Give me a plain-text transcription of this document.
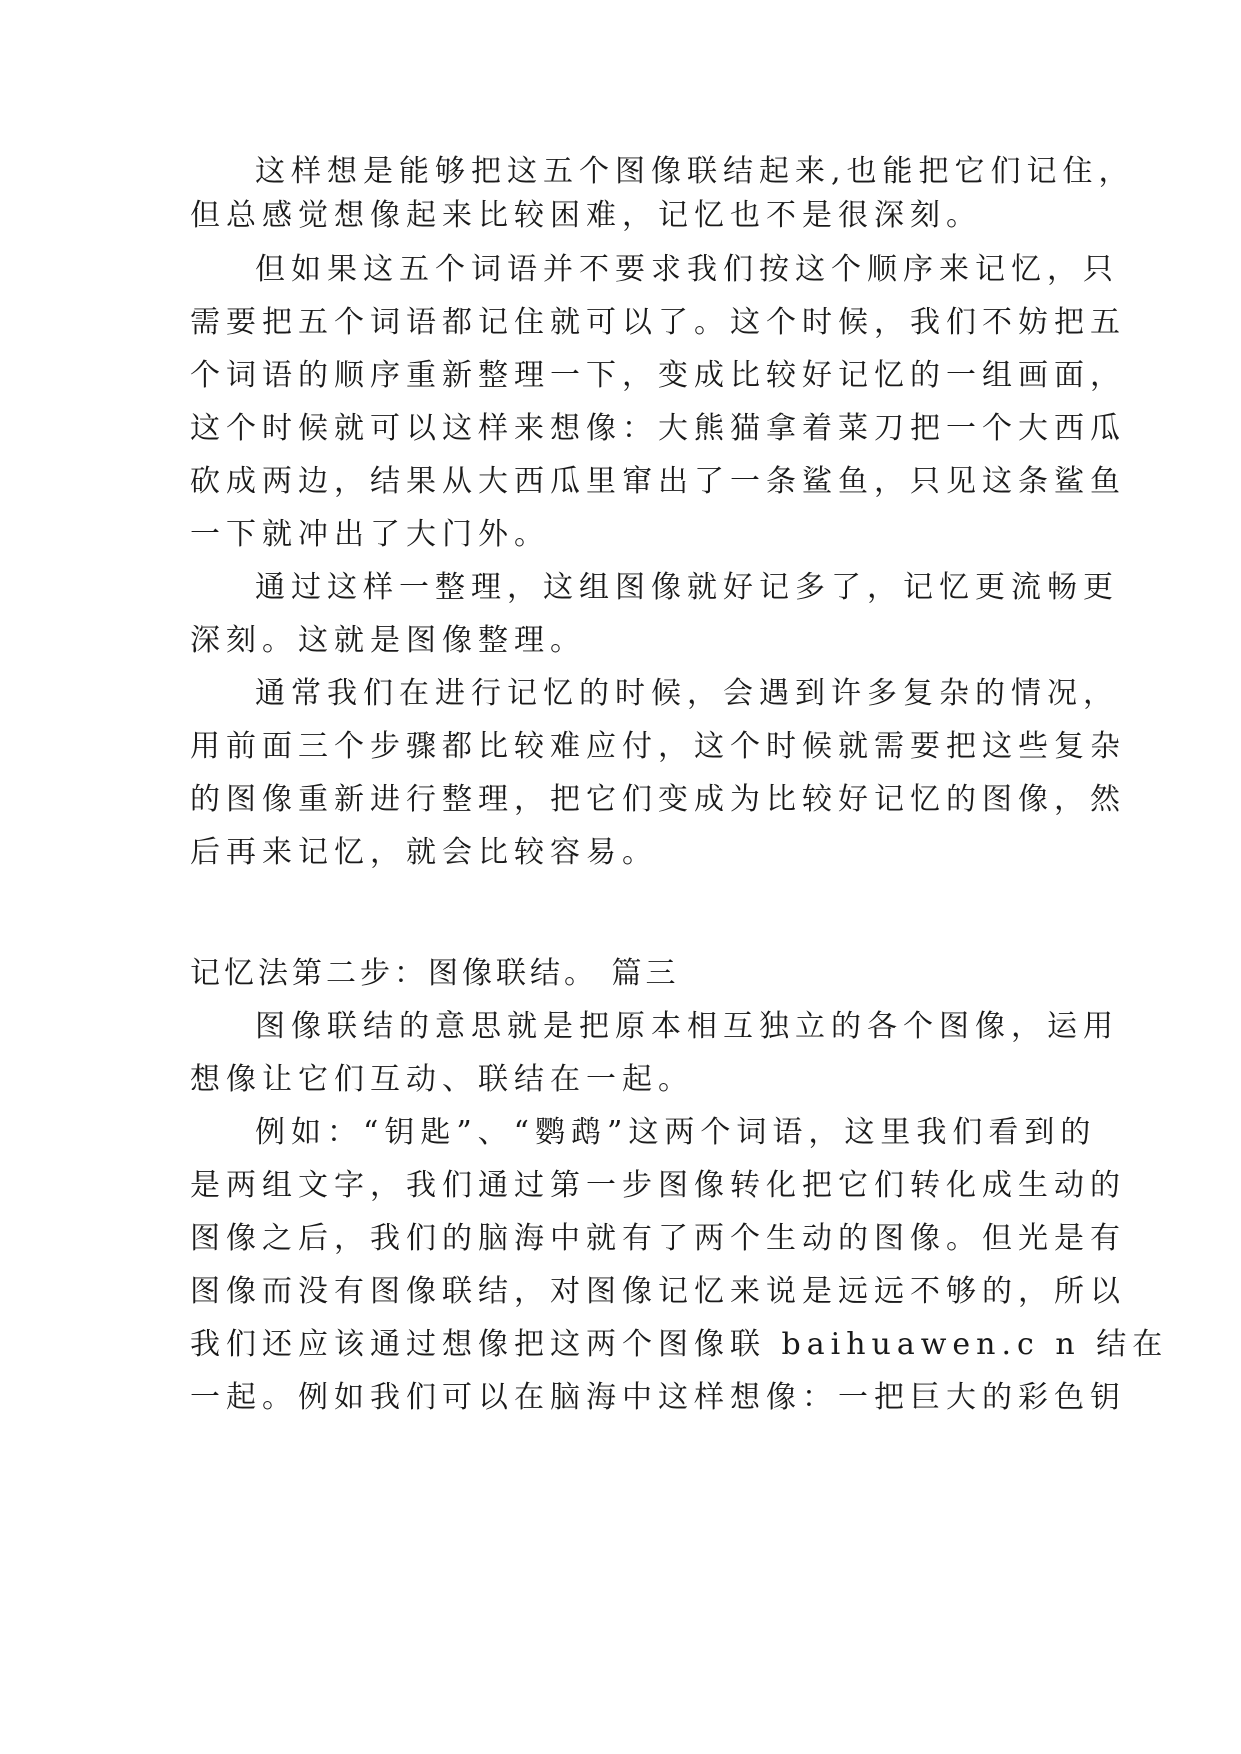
这样想是能够把这五个图像联结起来,也能把它们记住，
但总感觉想像起来比较困难，记忆也不是很深刻。
但如果这五个词语并不要求我们按这个顺序来记忆，只
需要把五个词语都记住就可以了。这个时候，我们不妨把五
个词语的顺序重新整理一下，变成比较好记忆的一组画面，
这个时候就可以这样来想像：大熊猫拿着菜刀把一个大西瓜
砍成两边，结果从大西瓜里窜出了一条鲨鱼，只见这条鲨鱼
一下就冲出了大门外。
通过这样一整理，这组图像就好记多了，记忆更流畅更
深刻。这就是图像整理。
通常我们在进行记忆的时候，会遇到许多复杂的情况，
用前面三个步骤都比较难应付，这个时候就需要把这些复杂
的图像重新进行整理，把它们变成为比较好记忆的图像，然
后再来记忆，就会比较容易。
记忆法第二步：图像联结。 篇三
图像联结的意思就是把原本相互独立的各个图像，运用
想像让它们互动、联结在一起。
例如：“钥匙”、“鹦鹉”这两个词语，这里我们看到的
是两组文字，我们通过第一步图像转化把它们转化成生动的
图像之后，我们的脑海中就有了两个生动的图像。但光是有
图像而没有图像联结，对图像记忆来说是远远不够的，所以
我们还应该通过想像把这两个图像联 baihuawen.c n 结在
一起。例如我们可以在脑海中这样想像：一把巨大的彩色钥
